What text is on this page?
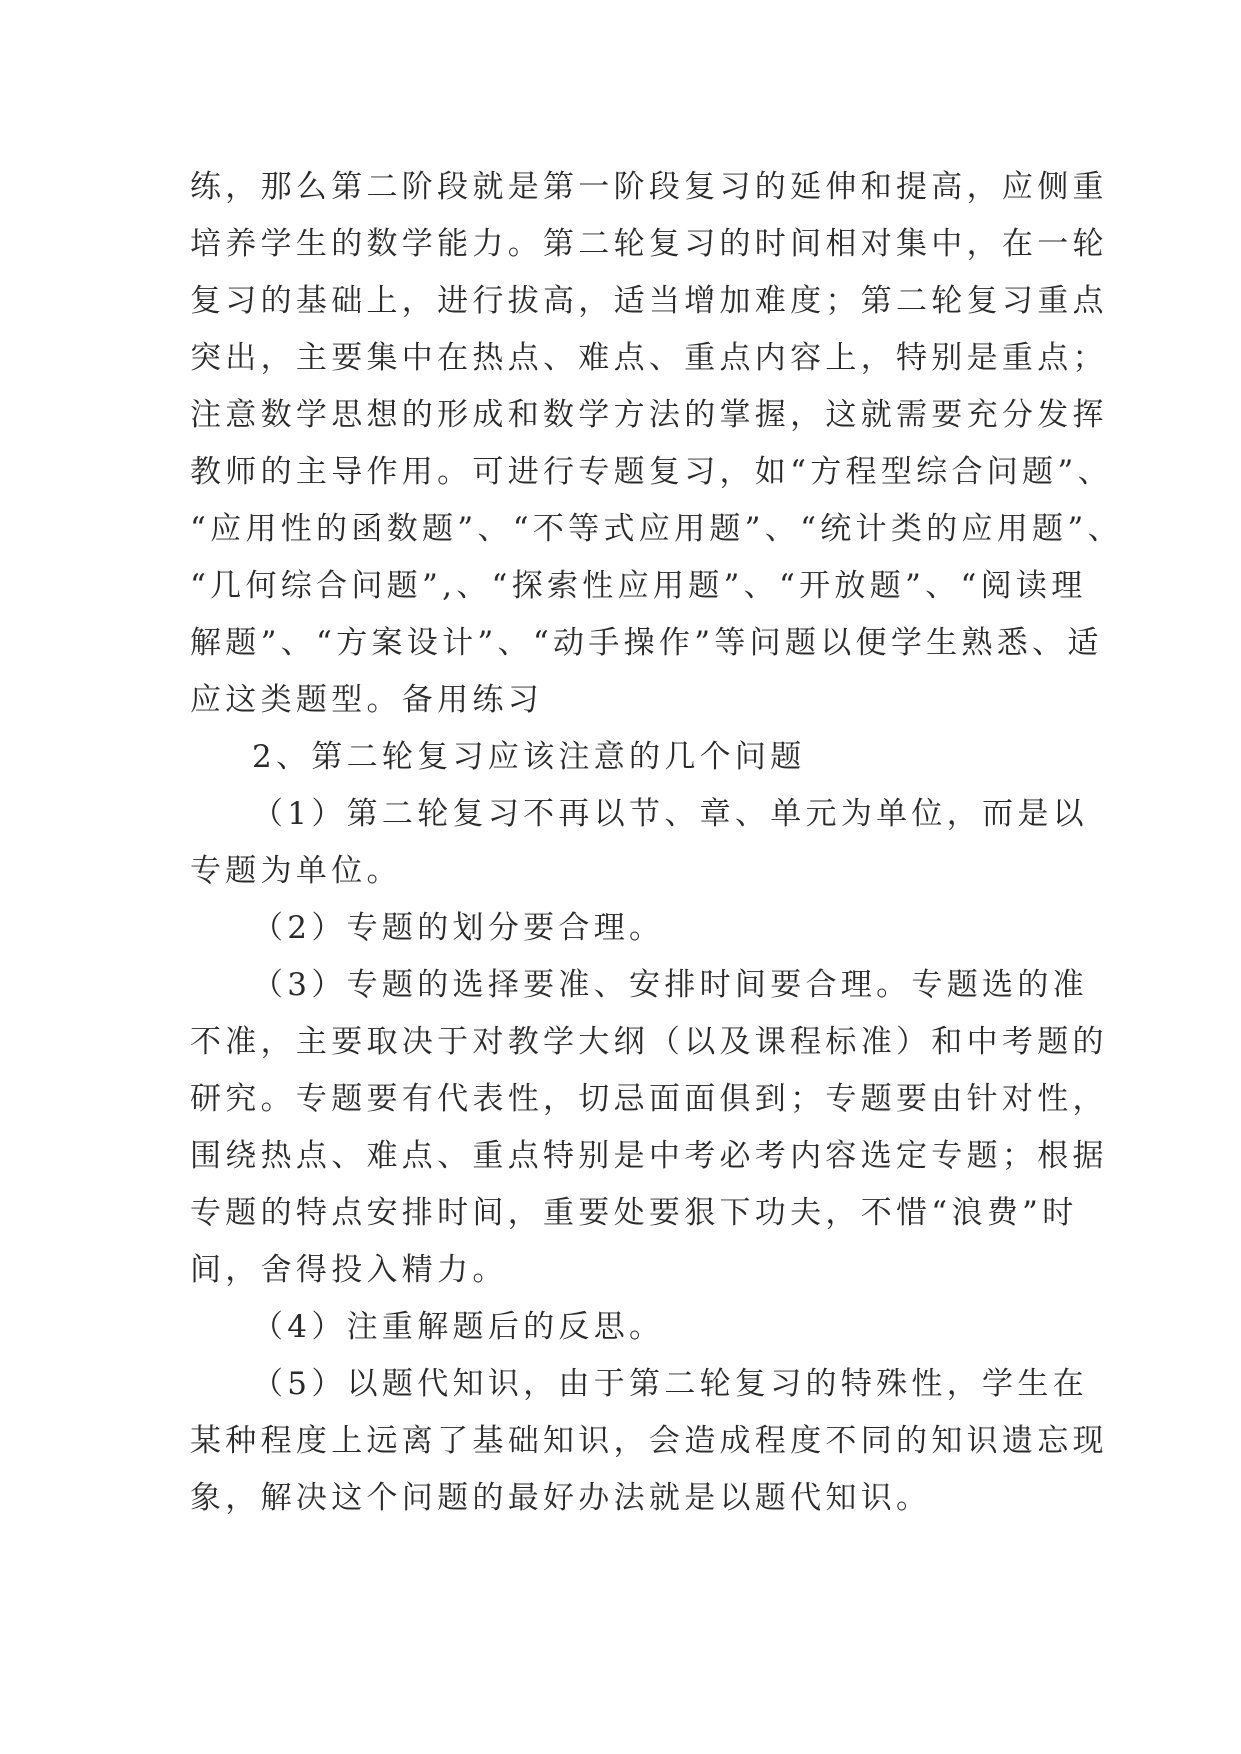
练，那么第二阶段就是第一阶段复习的延伸和提高，应侧重
培养学生的数学能力。第二轮复习的时间相对集中，在一轮
复习的基础上，进行拔高，适当增加难度；第二轮复习重点
突出，主要集中在热点、难点、重点内容上，特别是重点；
注意数学思想的形成和数学方法的掌握，这就需要充分发挥
教师的主导作用。可进行专题复习，如“方程型综合问题”、
“应用性的函数题”、“不等式应用题”、“统计类的应用题”、
“几何综合问题”,、“探索性应用题”、“开放题”、“阅读理
解题”、“方案设计”、“动手操作”等问题以便学生熟悉、适
应这类题型。备用练习
2、第二轮复习应该注意的几个问题
（1）第二轮复习不再以节、章、单元为单位，而是以
专题为单位。
（2）专题的划分要合理。
（3）专题的选择要准、安排时间要合理。专题选的准
不准，主要取决于对教学大纲（以及课程标准）和中考题的
研究。专题要有代表性，切忌面面俱到；专题要由针对性，
围绕热点、难点、重点特别是中考必考内容选定专题；根据
专题的特点安排时间，重要处要狠下功夫，不惜“浪费”时
间，舍得投入精力。
（4）注重解题后的反思。
（5）以题代知识，由于第二轮复习的特殊性，学生在
某种程度上远离了基础知识，会造成程度不同的知识遗忘现
象，解决这个问题的最好办法就是以题代知识。
